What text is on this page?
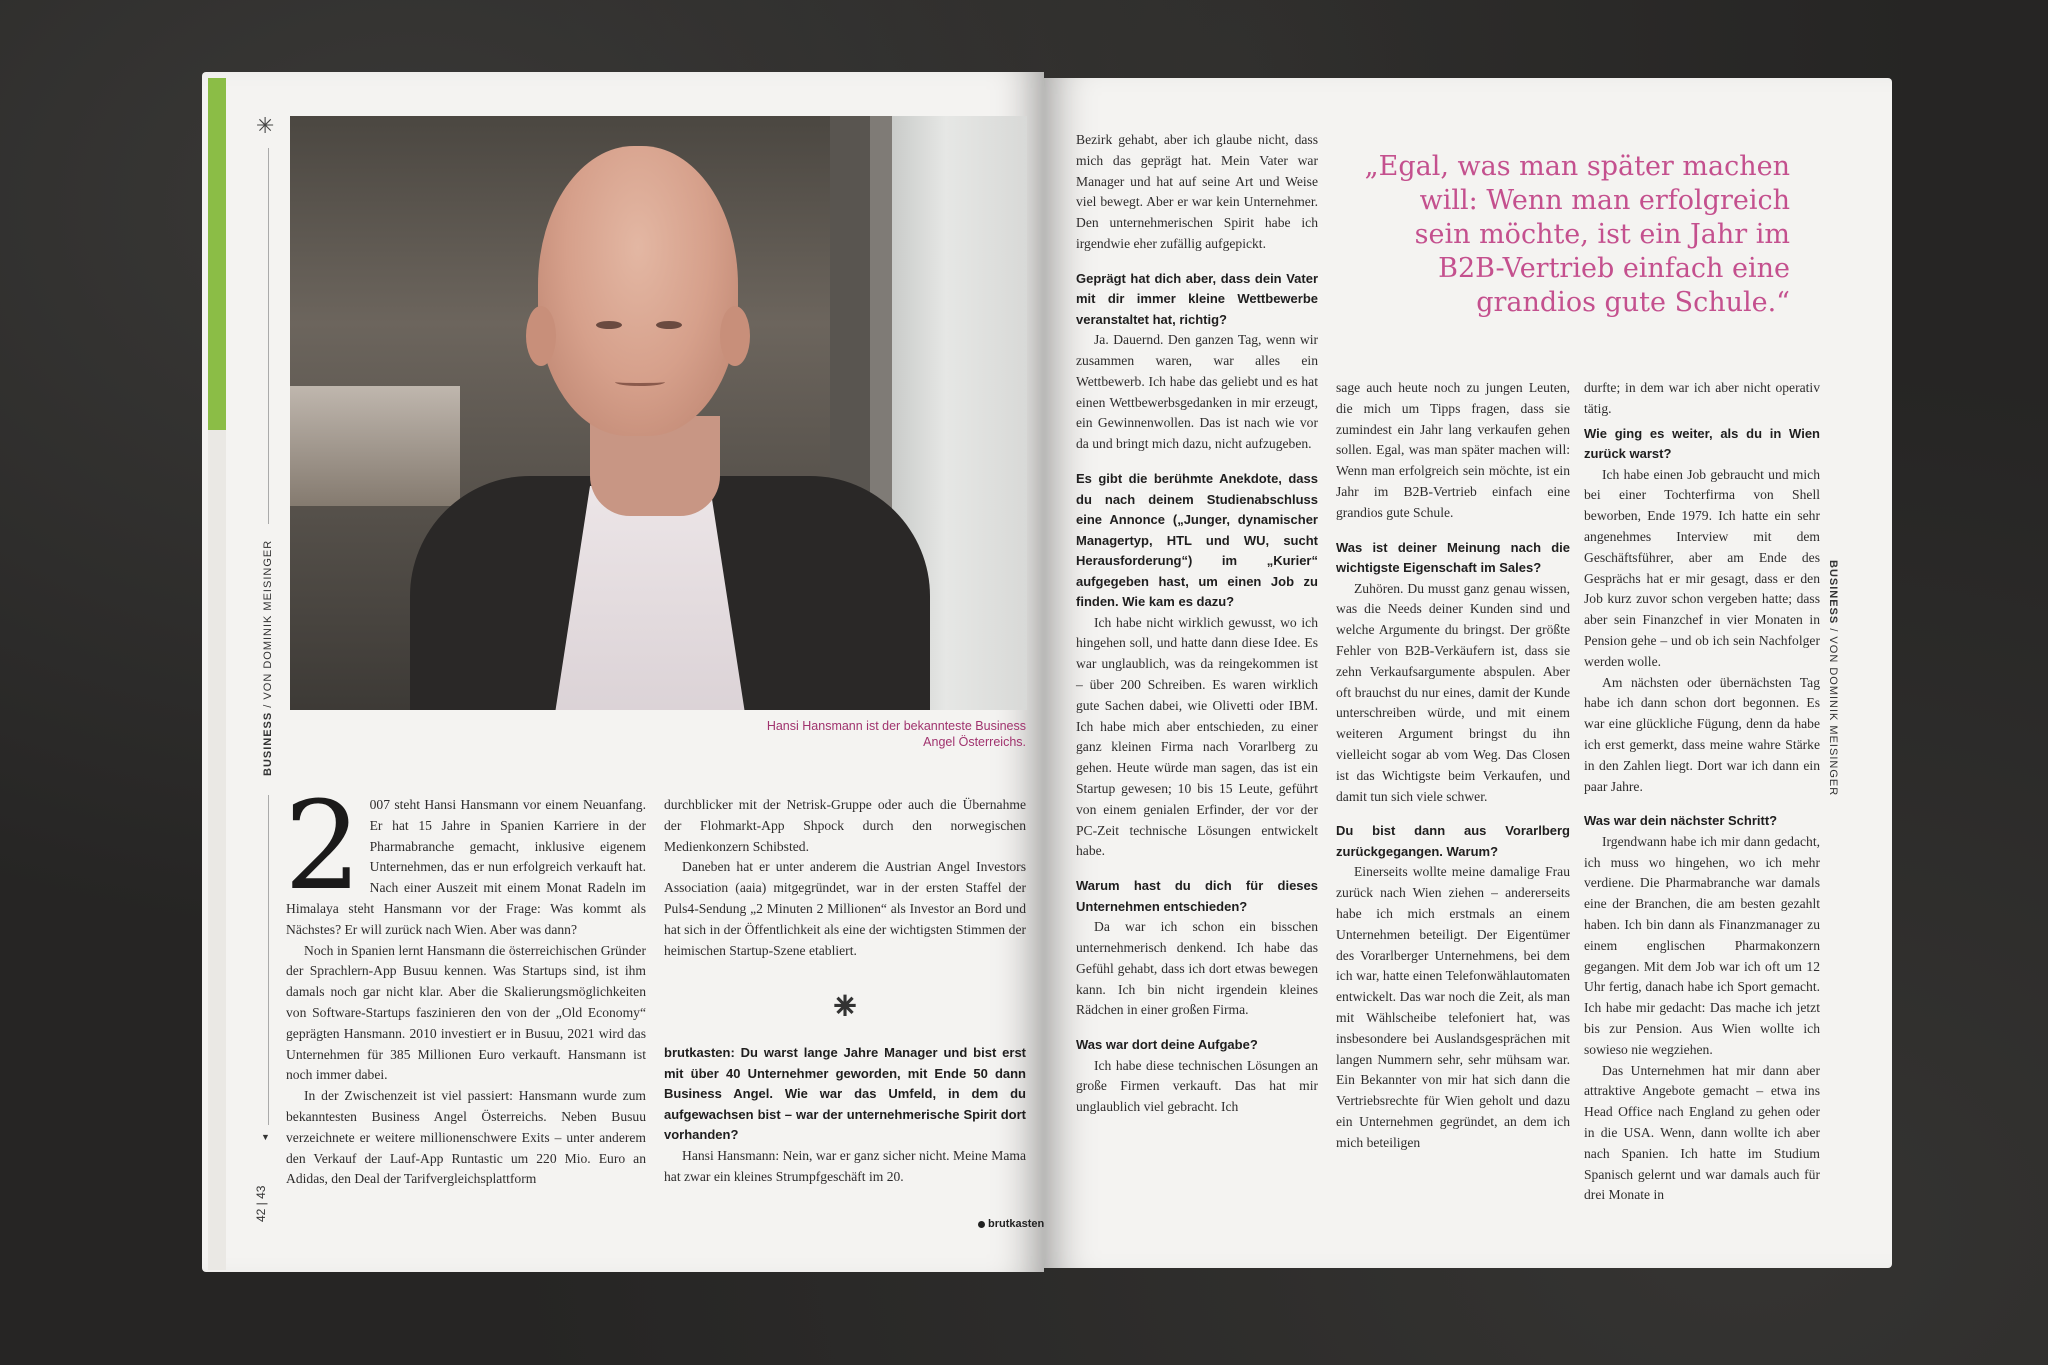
✳
BUSINESS / VON DOMINIK MEISINGER
▼
42 | 43
Hansi Hansmann ist der bekannteste Business Angel Österreichs.
2 007 steht Hansi Hansmann vor einem Neuanfang. Er hat 15 Jahre in Spanien Karriere in der Pharmabranche gemacht, inklusive eigenem Unternehmen, das er nun erfolgreich verkauft hat. Nach einer Auszeit mit einem Monat Radeln im Himalaya steht Hansmann vor der Frage: Was kommt als Nächstes? Er will zurück nach Wien. Aber was dann?

Noch in Spanien lernt Hansmann die österreichischen Gründer der Sprachlern-App Busuu kennen. Was Startups sind, ist ihm damals noch gar nicht klar. Aber die Skalierungsmöglichkeiten von Software-Startups faszinieren den von der „Old Economy“ geprägten Hansmann. 2010 investiert er in Busuu, 2021 wird das Unternehmen für 385 Millionen Euro verkauft. Hansmann ist noch immer dabei.

In der Zwischenzeit ist viel passiert: Hansmann wurde zum bekanntesten Business Angel Österreichs. Neben Busuu verzeichnete er weitere millionenschwere Exits – unter anderem den Verkauf der Lauf-App Runtastic um 220 Mio. Euro an Adidas, den Deal der Tarifvergleichsplattform

durchblicker mit der Netrisk-Gruppe oder auch die Übernahme der Flohmarkt-App Shpock durch den norwegischen Medienkonzern Schibsted.

Daneben hat er unter anderem die Austrian Angel Investors Association (aaia) mitgegründet, war in der ersten Staffel der Puls4-Sendung „2 Minuten 2 Millionen“ als Investor an Bord und hat sich in der Öffentlichkeit als eine der wichtigsten Stimmen der heimischen Startup-Szene etabliert.

⁕

brutkasten: Du warst lange Jahre Manager und bist erst mit über 40 Unternehmer geworden, mit Ende 50 dann Business Angel. Wie war das Umfeld, in dem du aufgewachsen bist – war der unternehmerische Spirit dort vorhanden?

Hansi Hansmann: Nein, war er ganz sicher nicht. Meine Mama hat zwar ein kleines Strumpfgeschäft im 20.

brutkasten
„Egal, was man später machen will: Wenn man erfolgreich sein möchte, ist ein Jahr im B2B-Vertrieb einfach eine grandios gute Schule.“

Bezirk gehabt, aber ich glaube nicht, dass mich das geprägt hat. Mein Vater war Manager und hat auf seine Art und Weise viel bewegt. Aber er war kein Unternehmer. Den unternehmerischen Spirit habe ich irgendwie eher zufällig aufgepickt.

Geprägt hat dich aber, dass dein Vater mit dir immer kleine Wettbewerbe veranstaltet hat, richtig?

Ja. Dauernd. Den ganzen Tag, wenn wir zusammen waren, war alles ein Wettbewerb. Ich habe das geliebt und es hat einen Wettbewerbsgedanken in mir erzeugt, ein Gewinnenwollen. Das ist nach wie vor da und bringt mich dazu, nicht aufzugeben.

Es gibt die berühmte Anekdote, dass du nach deinem Studienabschluss eine Annonce („Junger, dynamischer Managertyp, HTL und WU, sucht Herausforderung“) im „Kurier“ aufgegeben hast, um einen Job zu finden. Wie kam es dazu?

Ich habe nicht wirklich gewusst, wo ich hingehen soll, und hatte dann diese Idee. Es war unglaublich, was da reingekommen ist – über 200 Schreiben. Es waren wirklich gute Sachen dabei, wie Olivetti oder IBM. Ich habe mich aber entschieden, zu einer ganz kleinen Firma nach Vorarlberg zu gehen. Heute würde man sagen, das ist ein Startup gewesen; 10 bis 15 Leute, geführt von einem genialen Erfinder, der vor der PC-Zeit technische Lösungen entwickelt habe.

Warum hast du dich für dieses Unternehmen entschieden?

Da war ich schon ein bisschen unternehmerisch denkend. Ich habe das Gefühl gehabt, dass ich dort etwas bewegen kann. Ich bin nicht irgendein kleines Rädchen in einer großen Firma.

Was war dort deine Aufgabe?

Ich habe diese technischen Lösungen an große Firmen verkauft. Das hat mir unglaublich viel gebracht. Ich

sage auch heute noch zu jungen Leuten, die mich um Tipps fragen, dass sie zumindest ein Jahr lang verkaufen gehen sollen. Egal, was man später machen will: Wenn man erfolgreich sein möchte, ist ein Jahr im B2B-Vertrieb einfach eine grandios gute Schule.

Was ist deiner Meinung nach die wichtigste Eigenschaft im Sales?

Zuhören. Du musst ganz genau wissen, was die Needs deiner Kunden sind und welche Argumente du bringst. Der größte Fehler von B2B-Verkäufern ist, dass sie zehn Verkaufsargumente abspulen. Aber oft brauchst du nur eines, damit der Kunde unterschreiben würde, und mit einem weiteren Argument bringst du ihn vielleicht sogar ab vom Weg. Das Closen ist das Wichtigste beim Verkaufen, und damit tun sich viele schwer.

Du bist dann aus Vorarlberg zurückgegangen. Warum?

Einerseits wollte meine damalige Frau zurück nach Wien ziehen – andererseits habe ich mich erstmals an einem Unternehmen beteiligt. Der Eigentümer des Vorarlberger Unternehmens, bei dem ich war, hatte einen Telefonwählautomaten entwickelt. Das war noch die Zeit, als man mit Wählscheibe telefoniert hat, was insbesondere bei Auslandsgesprächen mit langen Nummern sehr, sehr mühsam war. Ein Bekannter von mir hat sich dann die Vertriebsrechte für Wien geholt und dazu ein Unternehmen gegründet, an dem ich mich beteiligen

durfte; in dem war ich aber nicht operativ tätig.

Wie ging es weiter, als du in Wien zurück warst?

Ich habe einen Job gebraucht und mich bei einer Tochterfirma von Shell beworben, Ende 1979. Ich hatte ein sehr angenehmes Interview mit dem Geschäftsführer, aber am Ende des Gesprächs hat er mir gesagt, dass er den Job kurz zuvor schon vergeben hatte; dass aber sein Finanzchef in vier Monaten in Pension gehe – und ob ich sein Nachfolger werden wolle.

Am nächsten oder übernächsten Tag habe ich dann schon dort begonnen. Es war eine glückliche Fügung, denn da habe ich erst gemerkt, dass meine wahre Stärke in den Zahlen liegt. Dort war ich dann ein paar Jahre.

Was war dein nächster Schritt?

Irgendwann habe ich mir dann gedacht, ich muss wo hingehen, wo ich mehr verdiene. Die Pharmabranche war damals eine der Branchen, die am besten gezahlt haben. Ich bin dann als Finanzmanager zu einem englischen Pharmakonzern gegangen. Mit dem Job war ich oft um 12 Uhr fertig, danach habe ich Sport gemacht. Ich habe mir gedacht: Das mache ich jetzt bis zur Pension. Aus Wien wollte ich sowieso nie wegziehen.

Das Unternehmen hat mir dann aber attraktive Angebote gemacht – etwa ins Head Office nach England zu gehen oder in die USA. Wenn, dann wollte ich aber nach Spanien. Ich hatte im Studium Spanisch gelernt und war damals auch für drei Monate in

BUSINESS / VON DOMINIK MEISINGER
